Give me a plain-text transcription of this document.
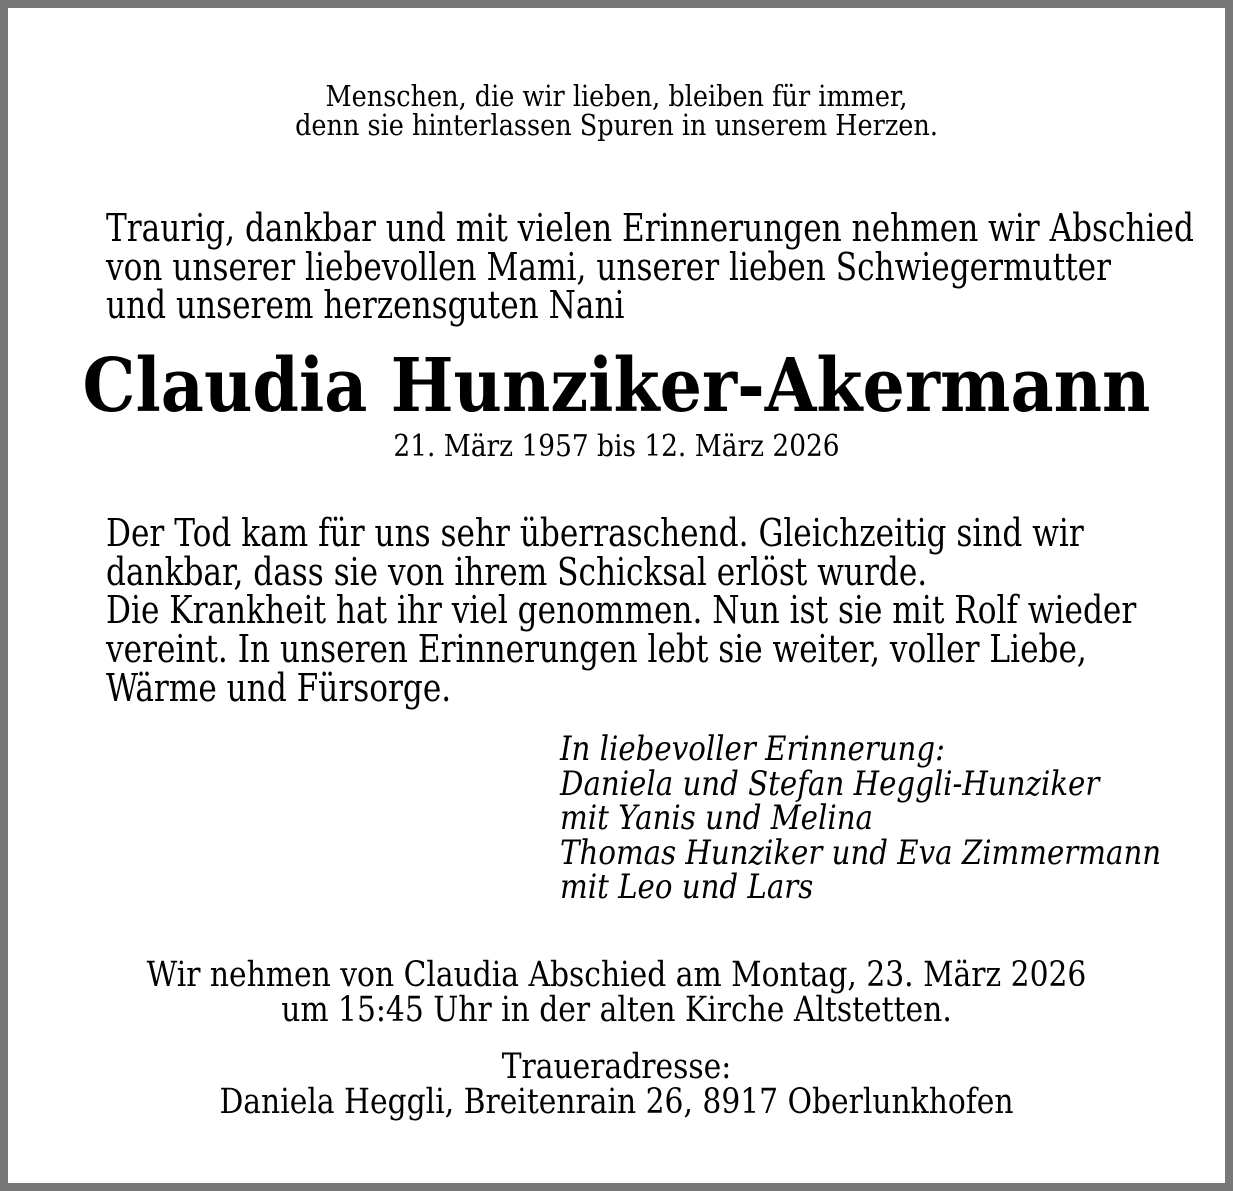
Menschen, die wir lieben, bleiben für immer,
denn sie hinterlassen Spuren in unserem Herzen.
Traurig, dankbar und mit vielen Erinnerungen nehmen wir Abschied
von unserer liebevollen Mami, unserer lieben Schwiegermutter
und unserem herzensguten Nani
Claudia Hunziker-Akermann
21. März 1957 bis 12. März 2026
Der Tod kam für uns sehr überraschend. Gleichzeitig sind wir
dankbar, dass sie von ihrem Schicksal erlöst wurde.
Die Krankheit hat ihr viel genommen. Nun ist sie mit Rolf wieder
vereint. In unseren Erinnerungen lebt sie weiter, voller Liebe,
Wärme und Fürsorge.
In liebevoller Erinnerung:
Daniela und Stefan Heggli-Hunziker
mit Yanis und Melina
Thomas Hunziker und Eva Zimmermann
mit Leo und Lars
Wir nehmen von Claudia Abschied am Montag, 23. März 2026
um 15:45 Uhr in der alten Kirche Altstetten.
Traueradresse:
Daniela Heggli, Breitenrain 26, 8917 Oberlunkhofen
